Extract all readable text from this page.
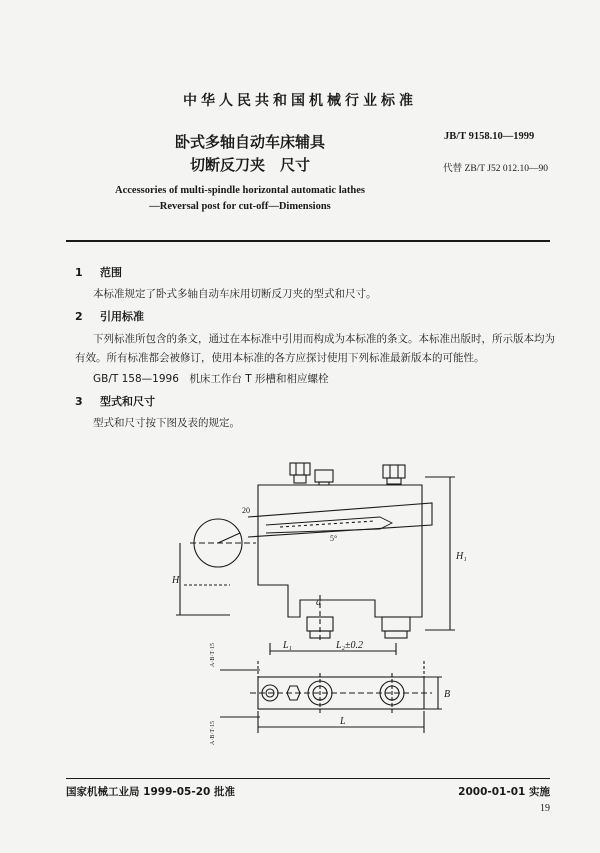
中华人民共和国机械行业标准
卧式多轴自动车床辅具
切断反刀夹　尺寸
JB/T 9158.10—1999
代替 ZB/T J52 012.10—90
Accessories of multi-spindle horizontal automatic lathes
—Reversal post for cut-off—Dimensions
1 范围
本标准规定了卧式多轴自动车床用切断反刀夹的型式和尺寸。
2 引用标准
下列标准所包含的条文，通过在本标准中引用而构成为本标准的条文。本标准出版时，所示版本均为有效。所有标准都会被修订，使用本标准的各方应探讨使用下列标准最新版本的可能性。
GB/T 158—1996　机床工作台 T 形槽和相应螺栓
3 型式和尺寸
型式和尺寸按下图及表的规定。
H
H₁
L₁	L₂±0.2
L
B
a
20
5°
A·B·T·15
A·B·T·15
国家机械工业局 1999-05-20 批准	2000-01-01 实施
19
